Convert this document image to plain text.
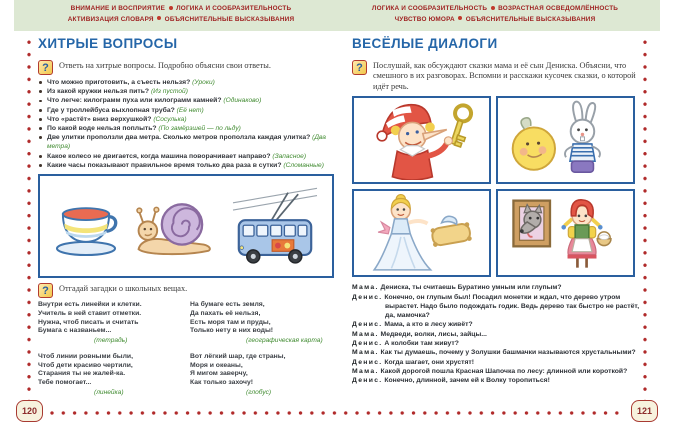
ВНИМАНИЕ И ВОСПРИЯТИЕ ЛОГИКА И СООБРАЗИТЕЛЬНОСТЬ
АКТИВИЗАЦИЯ СЛОВАРЯ ОБЪЯСНИТЕЛЬНЫЕ ВЫСКАЗЫВАНИЯ
ЛОГИКА И СООБРАЗИТЕЛЬНОСТЬ ВОЗРАСТНАЯ ОСВЕДОМЛЁННОСТЬ
ЧУВСТВО ЮМОРА ОБЪЯСНИТЕЛЬНЫЕ ВЫСКАЗЫВАНИЯ
ХИТРЫЕ ВОПРОСЫ	ВЕСЁЛЫЕ ДИАЛОГИ
?	Ответь на хитрые вопросы. Подробно объясни свои ответы.

Что можно приготовить, а съесть нельзя? (Уроки)
Из какой кружки нельзя пить? (Из пустой)
Что легче: килограмм пуха или килограмм камней? (Одинаково)
Где у троллейбуса выхлопная труба? (Её нет)
Что «растёт» вниз верхушкой? (Сосулька)
По какой воде нельзя поплыть? (По замёрзшей — по льду)
Две улитки проползли два метра. Сколько метров проползла каждая улитка? (Два метра)
Какое колесо не двигается, когда машина поворачивает направо? (Запасное)
Какие часы показывают правильное время только два раза в сутки? (Сломанные)
?	Отгадай загадки о школьных вещах.

Внутри есть линейки и клетки.
Учитель в ней ставит отметки.
Нужна, чтоб писать и считать
Бумага с названьем...
(тетрадь)
Чтоб линии ровными были,
Чтоб дети красиво чертили,
Старания ты не жалей-ка.
Тебе помогает...
(линейка)
На бумаге есть земля,
Да пахать её нельзя,
Есть моря там и пруды,
Только нету в них воды!
(географическая карта)
Вот лёгкий шар, где страны,
Моря и океаны,
Я мигом заверчу,
Как только захочу!
(глобус)
?	Послушай, как обсуждают сказки мама и её сын Дениска. Объясни, что смешного в их разговорах. Вспомни и расскажи кусочек сказки, о которой идёт речь.

Мама. Дениска, ты считаешь Буратино умным или глупым?

Денис. Конечно, он глупым был! Посадил монетки и ждал, что дерево утром вырастет. Надо было подождать годик. Ведь дерево так быстро не растёт, да, мамочка?

Денис. Мама, а кто в лесу живёт?

Мама. Медведи, волки, лисы, зайцы...

Денис. А колобки там живут?

Мама. Как ты думаешь, почему у Золушки башмачки называются хрустальными?

Денис. Когда шагает, они хрустят!

Мама. Какой дорогой пошла Красная Шапочка по лесу: длинной или короткой?

Денис. Конечно, длинной, зачем ей к Волку торопиться!

120	121
